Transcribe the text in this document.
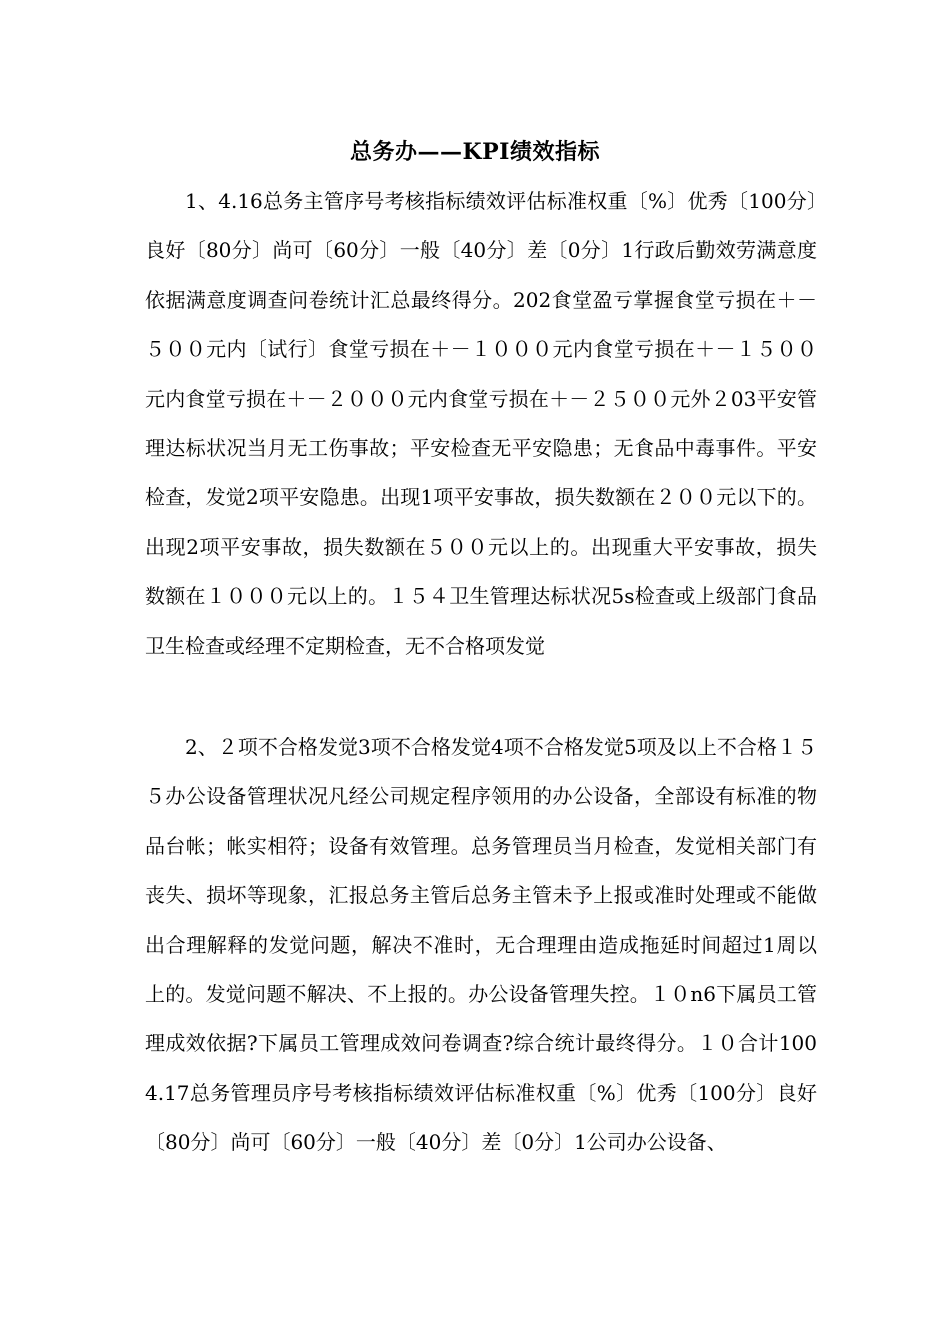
总务办——KPI绩效指标
1、4.16总务主管序号考核指标绩效评估标准权重〔%〕优秀〔100分〕良好〔80分〕尚可〔60分〕一般〔40分〕差〔0分〕1行政后勤效劳满意度依据满意度调查问卷统计汇总最终得分。202食堂盈亏掌握食堂亏损在＋－５００元内〔试行〕食堂亏损在＋－１０００元内食堂亏损在＋－１５００元内食堂亏损在＋－２０００元内食堂亏损在＋－２５００元外２03平安管理达标状况当月无工伤事故；平安检查无平安隐患；无食品中毒事件。平安检查，发觉2项平安隐患。出现1项平安事故，损失数额在２００元以下的。出现2项平安事故，损失数额在５００元以上的。出现重大平安事故，损失数额在１０００元以上的。１５４卫生管理达标状况5s检查或上级部门食品卫生检查或经理不定期检查，无不合格项发觉
2、２项不合格发觉3项不合格发觉4项不合格发觉5项及以上不合格１５５办公设备管理状况凡经公司规定程序领用的办公设备，全部设有标准的物品台帐；帐实相符；设备有效管理。总务管理员当月检查，发觉相关部门有丧失、损坏等现象，汇报总务主管后总务主管未予上报或准时处理或不能做出合理解释的发觉问题，解决不准时，无合理理由造成拖延时间超过1周以上的。发觉问题不解决、不上报的。办公设备管理失控。１０n6下属员工管理成效依据?下属员工管理成效问卷调查?综合统计最终得分。１０合计1004.17总务管理员序号考核指标绩效评估标准权重〔%〕优秀〔100分〕良好〔80分〕尚可〔60分〕一般〔40分〕差〔0分〕1公司办公设备、
